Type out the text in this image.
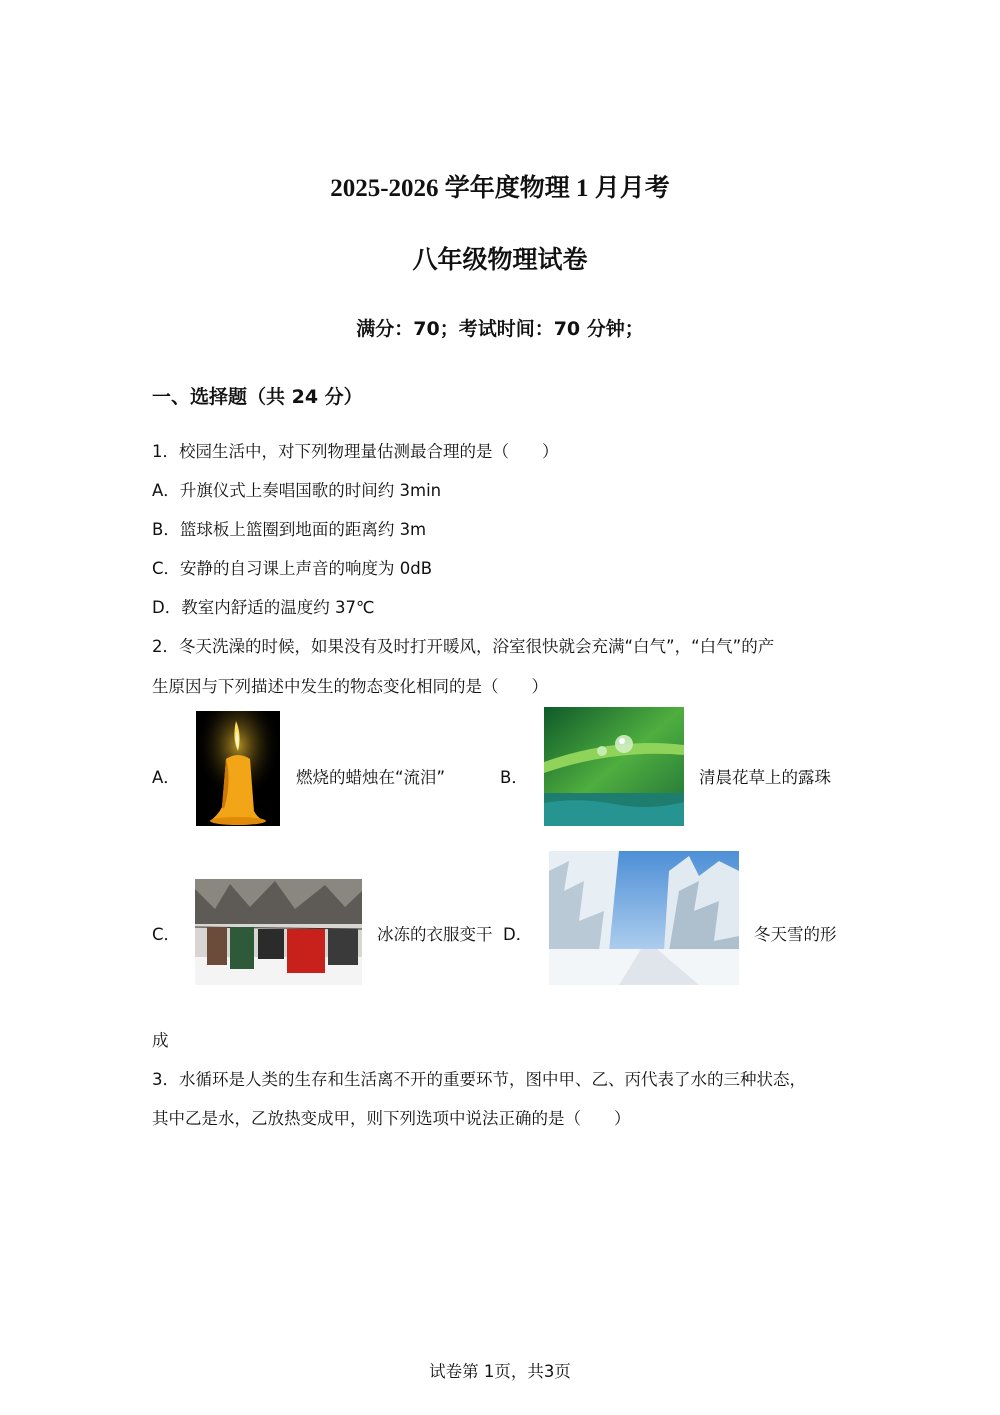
2025-2026 学年度物理 1 月月考
八年级物理试卷
满分：70；考试时间：70 分钟；
一、选择题（共 24 分）
1．校园生活中，对下列物理量估测最合理的是（　　）
A．升旗仪式上奏唱国歌的时间约 3min
B．篮球板上篮圈到地面的距离约 3m
C．安静的自习课上声音的响度为 0dB
D．教室内舒适的温度约 37℃
2．冬天洗澡的时候，如果没有及时打开暖风，浴室很快就会充满“白气”，“白气”的产
生原因与下列描述中发生的物态变化相同的是（　　）
A．	燃烧的蜡烛在“流泪”	B．	清晨花草上的露珠
C．	冰冻的衣服变干 D．	冬天雪的形
成
3．水循环是人类的生存和生活离不开的重要环节，图中甲、乙、丙代表了水的三种状态，
其中乙是水，乙放热变成甲，则下列选项中说法正确的是（　　）
试卷第 1页，共3页
